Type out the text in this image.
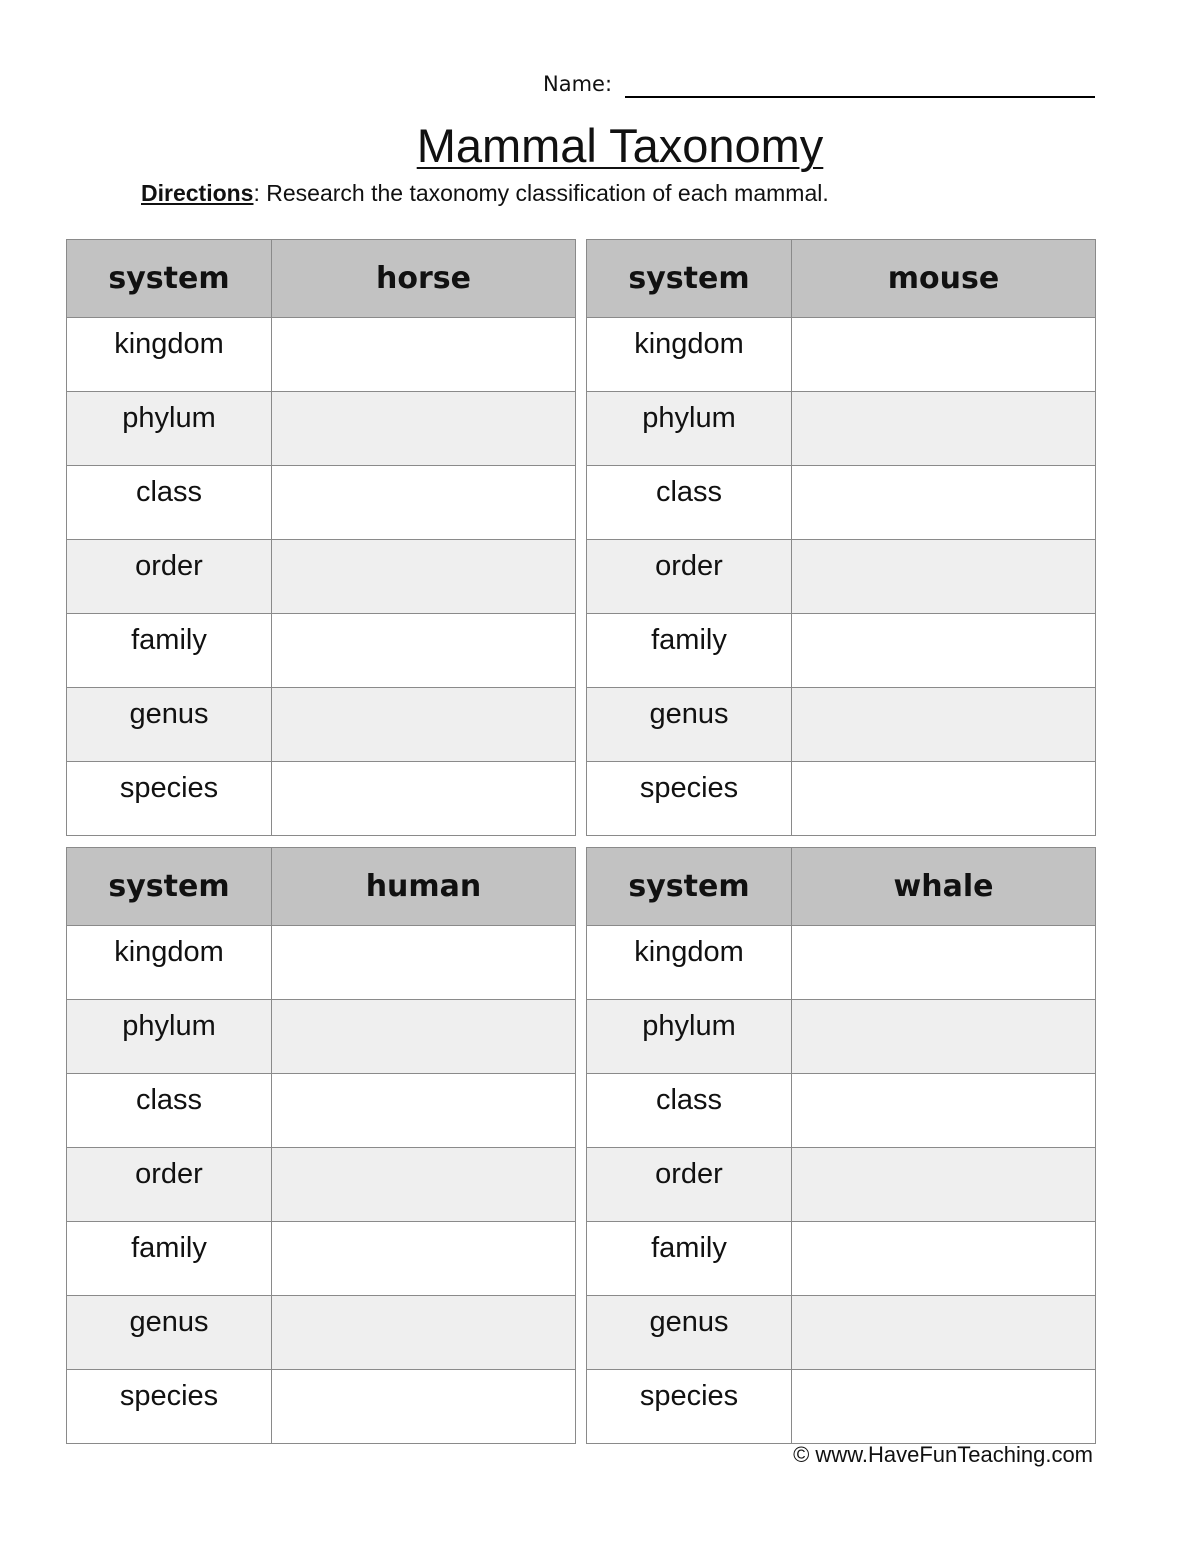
Name:
Mammal Taxonomy
Directions: Research the taxonomy classification of each mammal.
system	horse
kingdom	
phylum	
class	
order	
family	
genus	
species	
system	mouse
kingdom	
phylum	
class	
order	
family	
genus	
species	
system	human
kingdom	
phylum	
class	
order	
family	
genus	
species	
system	whale
kingdom	
phylum	
class	
order	
family	
genus	
species	
© www.HaveFunTeaching.com
